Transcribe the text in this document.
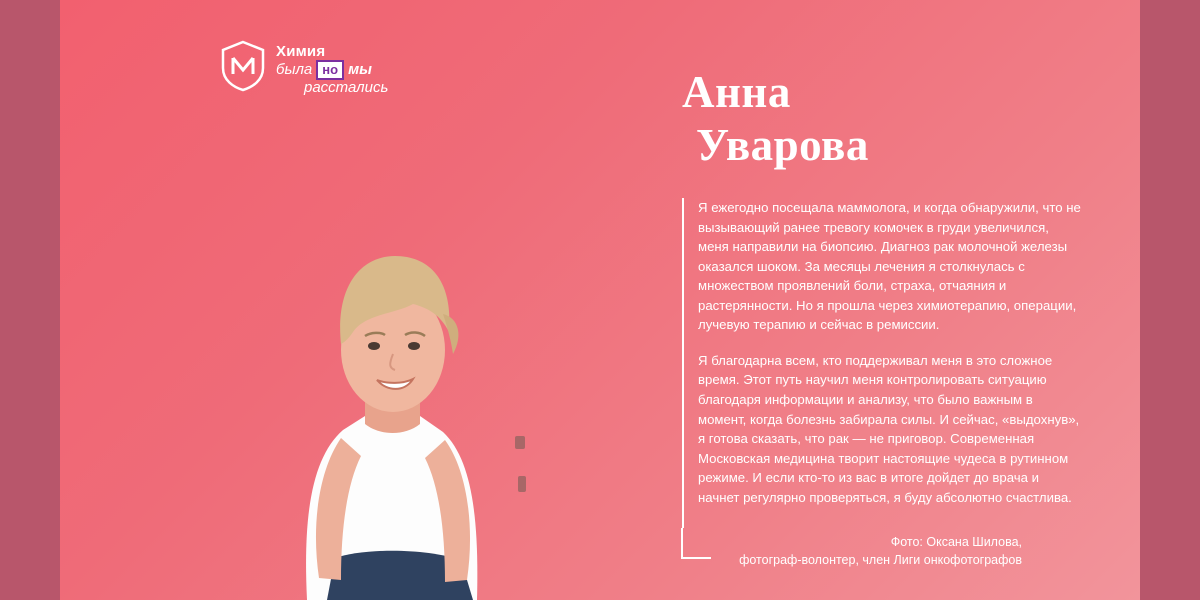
Химия
была но мы
расстались	Анна
Уварова

Я ежегодно посещала маммолога, и когда обнаружили, что не вызывающий ранее тревогу комочек в груди увеличился, меня направили на биопсию. Диагноз рак молочной железы оказался шоком. За месяцы лечения я столкнулась с множеством проявлений боли, страха, отчаяния и растерянности. Но я прошла через химиотерапию, операции, лучевую терапию и сейчас в ремиссии.

Я благодарна всем, кто поддерживал меня в это сложное время. Этот путь научил меня контролировать ситуацию благодаря информации и анализу, что было важным в момент, когда болезнь забирала силы. И сейчас, «выдохнув», я готова сказать, что рак — не приговор. Современная Московская медицина творит настоящие чудеса в рутинном режиме. И если кто-то из вас в итоге дойдет до врача и начнет регулярно проверяться, я буду абсолютно счастлива.

Фото: Оксана Шилова,
фотограф-волонтер, член Лиги онкофотографов
